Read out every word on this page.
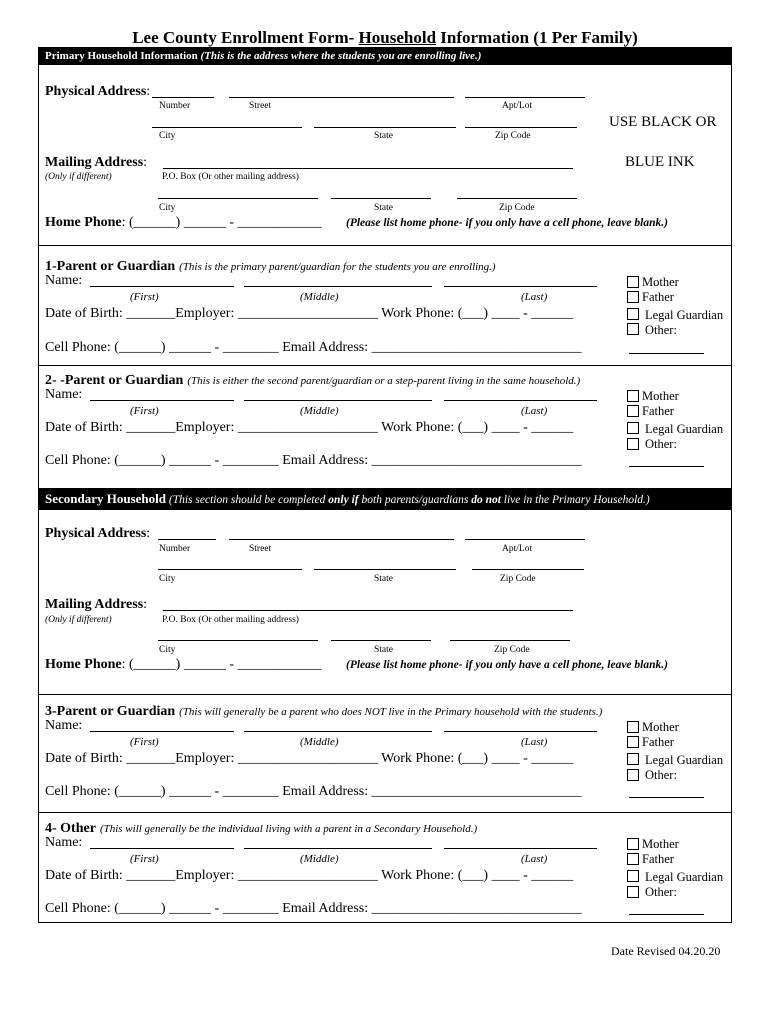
Lee County Enrollment Form- Household Information (1 Per Family)
Primary Household Information (This is the address where the students you are enrolling live.)
Physical Address:
Number	Street	Apt/Lot
City	State	Zip Code
USE BLACK OR
BLUE INK
Mailing Address:
(Only if different)	P.O. Box (Or other mailing address)
City	State	Zip Code
Home Phone: (______) ______ - ____________ (Please list home phone- if you only have a cell phone, leave blank.)
1-Parent or Guardian (This is the primary parent/guardian for the students you are enrolling.)
Name:
(First)	(Middle)	(Last)
Date of Birth: _______Employer: ____________________ Work Phone: (___) ____ - ______
Cell Phone: (______) ______ - ________ Email Address: ______________________________
Mother
Father
Legal Guardian
Other:
2- -Parent or Guardian (This is either the second parent/guardian or a step-parent living in the same household.)
Name:
(First)	(Middle)	(Last)
Date of Birth: _______Employer: ____________________ Work Phone: (___) ____ - ______
Cell Phone: (______) ______ - ________ Email Address: ______________________________
Mother
Father
Legal Guardian
Other:
Secondary Household (This section should be completed only if both parents/guardians do not live in the Primary Household.)
Physical Address:
Number	Street	Apt/Lot
City	State	Zip Code
Mailing Address:
(Only if different)	P.O. Box (Or other mailing address)
City	State	Zip Code
Home Phone: (______) ______ - ____________ (Please list home phone- if you only have a cell phone, leave blank.)
3-Parent or Guardian (This will generally be a parent who does NOT live in the Primary household with the students.)
Name:
(First)	(Middle)	(Last)
Date of Birth: _______Employer: ____________________ Work Phone: (___) ____ - ______
Cell Phone: (______) ______ - ________ Email Address: ______________________________
Mother
Father
Legal Guardian
Other:
4- Other (This will generally be the individual living with a parent in a Secondary Household.)
Name:
(First)	(Middle)	(Last)
Date of Birth: _______Employer: ____________________ Work Phone: (___) ____ - ______
Cell Phone: (______) ______ - ________ Email Address: ______________________________
Mother
Father
Legal Guardian
Other:
Date Revised 04.20.20
